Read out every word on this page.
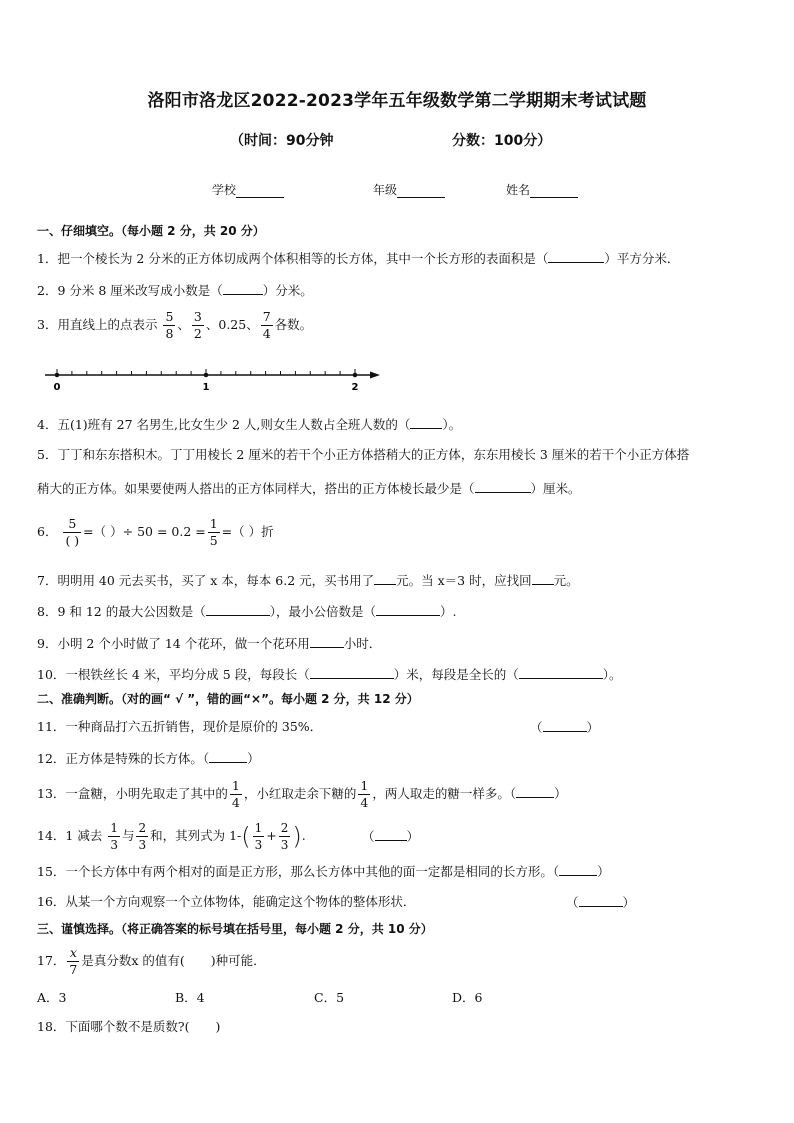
洛阳市洛龙区2022-2023学年五年级数学第二学期期末考试试题
（时间：90分钟	分数：100分）
学校	年级	姓名
一、仔细填空。（每小题 2 分，共 20 分）
1．把一个棱长为 2 分米的正方体切成两个体积相等的长方体，其中一个长方形的表面积是（	）平方分米．
2．9 分米 8 厘米改写成小数是（	）分米。
3．用直线上的点表示 $\frac{5}{8}$ 、 $\frac{3}{2}$ 、0.25、 $\frac{7}{4}$ 各数。
0	1	2
4．五(1)班有 27 名男生,比女生少 2 人,则女生人数占全班人数的（	）。
5．丁丁和东东搭积木。丁丁用棱长 2 厘米的若干个小正方体搭稍大的正方体，东东用棱长 3 厘米的若干个小正方体搭
稍大的正方体。如果要使两人搭出的正方体同样大，搭出的正方体棱长最少是（	）厘米。
6． $\frac{5}{( )}$ =（ ）÷ $50 = 0.2 = \frac{1}{5}$ =（ ）折
7．明明用 40 元去买书，买了 x 本，每本 6.2 元，买书用了 元。当 x＝3 时，应找回 元。
8．9 和 12 的最大公因数是（	），最小公倍数是（	）.
9．小明 2 个小时做了 14 个花环，做一个花环用	小时．
10．一根铁丝长 4 米，平均分成 5 段，每段长（	）米，每段是全长的（	）。
二、准确判断。（对的画“ √ ”，错的画“×”。每小题 2 分，共 12 分）
11．一种商品打六五折销售，现价是原价的 35%．	（	）
12．正方体是特殊的长方体。（	）
13．一盒糖，小明先取走了其中的 $\frac{1}{4}$ ，小红取走余下糖的 $\frac{1}{4}$ ，两人取走的糖一样多。（	）
14．1 减去 $\frac{1}{3}$ 与 $\frac{2}{3}$ 和，其列式为 $1-( \frac{1}{3} + \frac{2}{3}$ ).	（	）
15．一个长方体中有两个相对的面是正方形，那么长方体中其他的面一定都是相同的长方形。（	）
16．从某一个方向观察一个立体物体，能确定这个物体的整体形状．	（	）
三、谨慎选择。（将正确答案的标号填在括号里，每小题 2 分，共 10 分）
17． $\frac{x}{7}$ 是真分数x 的值有( )种可能．
A．3	B．4	C．5	D．6
18．下面哪个数不是质数?( )
